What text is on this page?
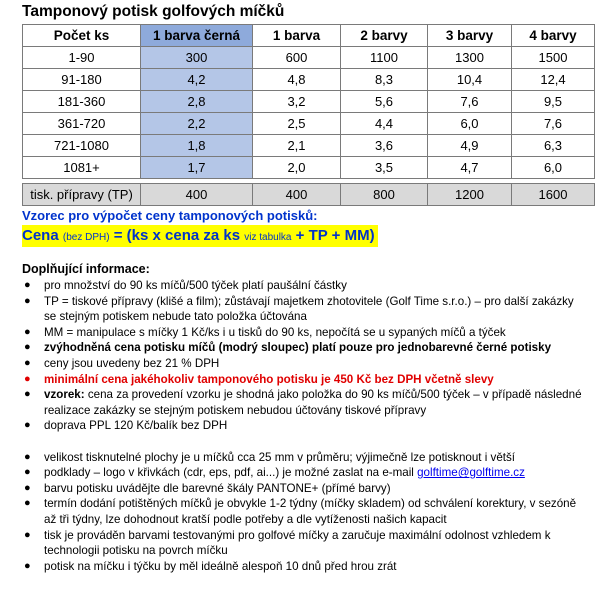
Tamponový potisk golfových míčků
Počet ks	1 barva černá	1 barva	2 barvy	3 barvy	4 barvy
1-90	300	600	1100	1300	1500
91-180	4,2	4,8	8,3	10,4	12,4
181-360	2,8	3,2	5,6	7,6	9,5
361-720	2,2	2,5	4,4	6,0	7,6
721-1080	1,8	2,1	3,6	4,9	6,3
1081+	1,7	2,0	3,5	4,7	6,0

tisk. přípravy (TP)	400	400	800	1200	1600
Vzorec pro výpočet ceny tamponových potisků:
Cena (bez DPH) = (ks x cena za ks viz tabulka + TP + MM)
Doplňující informace:
● pro množství do 90 ks míčů/500 týček platí paušální částky
● TP = tiskové přípravy (klišé a film); zůstávají majetkem zhotovitele (Golf Time s.r.o.) – pro další zakázky se stejným potiskem nebude tato položka účtována
● MM = manipulace s míčky 1 Kč/ks i u tisků do 90 ks, nepočítá se u sypaných míčů a týček
● zvýhodněná cena potisku míčů (modrý sloupec) platí pouze pro jednobarevné černé potisky
● ceny jsou uvedeny bez 21 % DPH
● minimální cena jakéhokoliv tamponového potisku je 450 Kč bez DPH včetně slevy
● vzorek: cena za provedení vzorku je shodná jako položka do 90 ks míčů/500 týček – v případě následné realizace zakázky se stejným potiskem nebudou účtovány tiskové přípravy
● doprava PPL 120 Kč/balík bez DPH
● velikost tisknutelné plochy je u míčků cca 25 mm v průměru; výjimečně lze potisknout i větší
● podklady – logo v křivkách (cdr, eps, pdf, ai...) je možné zaslat na e-mail golftime@golftime.cz
● barvu potisku uvádějte dle barevné škály PANTONE+ (přímé barvy)
● termín dodání potištěných míčků je obvykle 1-2 týdny (míčky skladem) od schválení korektury, v sezóně až tři týdny, lze dohodnout kratší podle potřeby a dle vytíženosti našich kapacit
● tisk je prováděn barvami testovanými pro golfové míčky a zaručuje maximální odolnost vzhledem k technologii potisku na povrch míčku
● potisk na míčku i týčku by měl ideálně alespoň 10 dnů před hrou zrát
